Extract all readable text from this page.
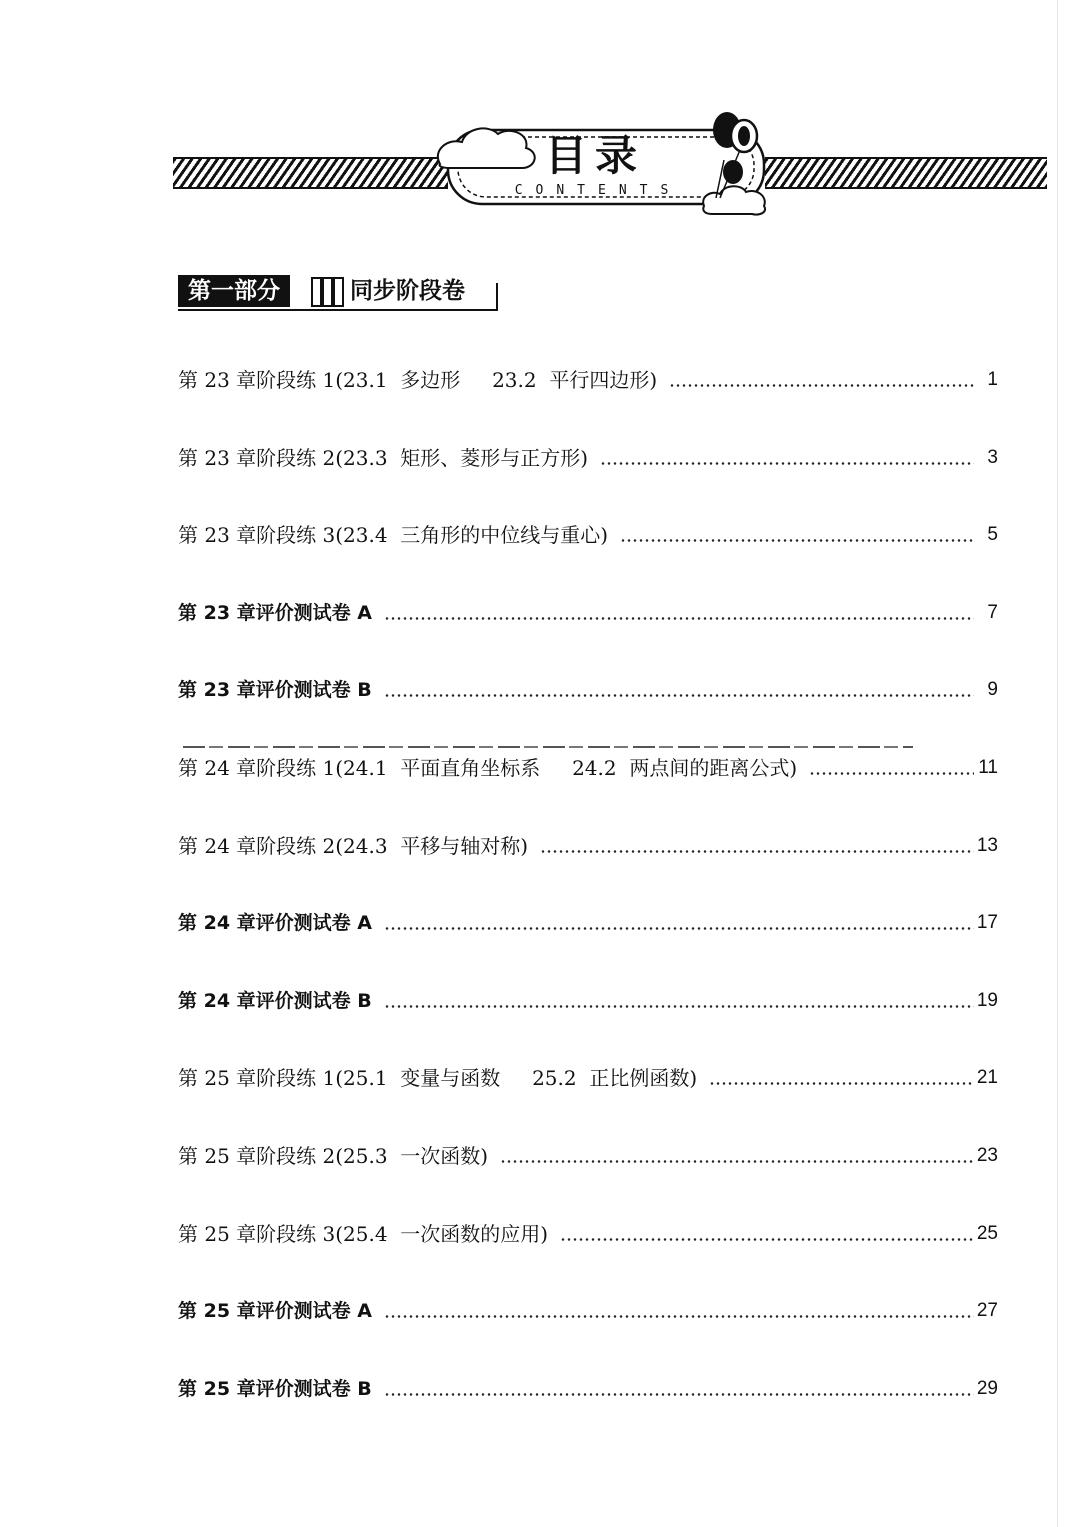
目录
CONTENTS
第一部分	同步阶段卷
第 23 章阶段练 1(23.1  多边形     23.2  平行四边形)	1
第 23 章阶段练 2(23.3  矩形、菱形与正方形)	3
第 23 章阶段练 3(23.4  三角形的中位线与重心)	5
第 23 章评价测试卷 A	7
第 23 章评价测试卷 B	9
第 24 章阶段练 1(24.1  平面直角坐标系     24.2  两点间的距离公式)	11
第 24 章阶段练 2(24.3  平移与轴对称)	13
第 24 章评价测试卷 A	17
第 24 章评价测试卷 B	19
第 25 章阶段练 1(25.1  变量与函数     25.2  正比例函数)	21
第 25 章阶段练 2(25.3  一次函数)	23
第 25 章阶段练 3(25.4  一次函数的应用)	25
第 25 章评价测试卷 A	27
第 25 章评价测试卷 B	29
